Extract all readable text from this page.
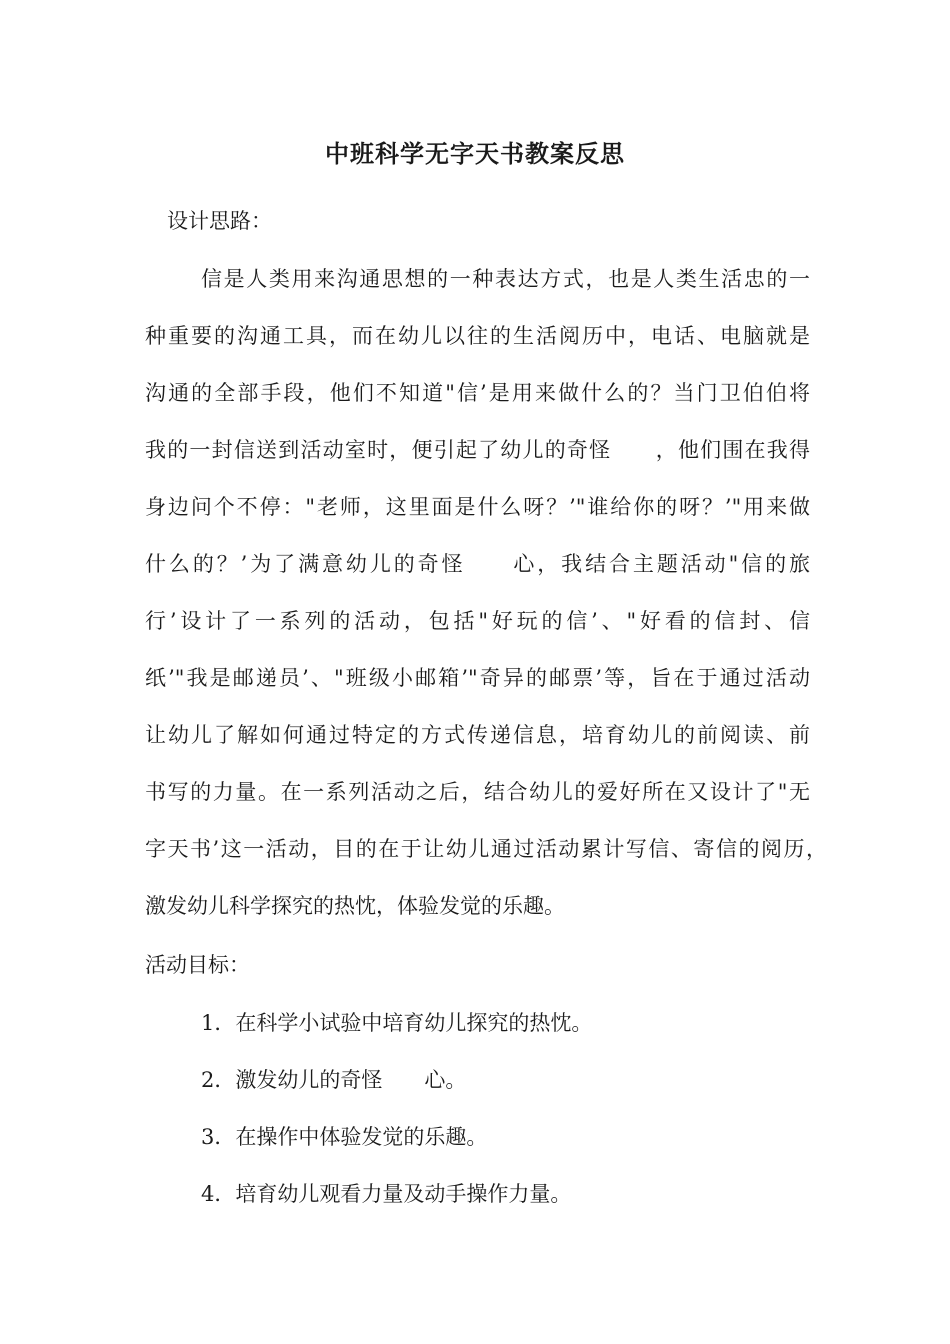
中班科学无字天书教案反思
设计思路：
信是人类用来沟通思想的一种表达方式，也是人类生活忠的一
种重要的沟通工具，而在幼儿以往的生活阅历中，电话、电脑就是
沟通的全部手段，他们不知道"信’是用来做什么的？当门卫伯伯将
我的一封信送到活动室时，便引起了幼儿的奇怪　　，他们围在我得
身边问个不停："老师，这里面是什么呀？’"谁给你的呀？’"用来做
什么的？’为了满意幼儿的奇怪　　心，我结合主题活动"信的旅
行’设计了一系列的活动，包括"好玩的信’、"好看的信封、信
纸’"我是邮递员’、"班级小邮箱’"奇异的邮票’等，旨在于通过活动
让幼儿了解如何通过特定的方式传递信息，培育幼儿的前阅读、前
书写的力量。在一系列活动之后，结合幼儿的爱好所在又设计了"无
字天书’这一活动，目的在于让幼儿通过活动累计写信、寄信的阅历，
激发幼儿科学探究的热忱，体验发觉的乐趣。
活动目标：
1．在科学小试验中培育幼儿探究的热忱。
2．激发幼儿的奇怪　　心。
3．在操作中体验发觉的乐趣。
4．培育幼儿观看力量及动手操作力量。
